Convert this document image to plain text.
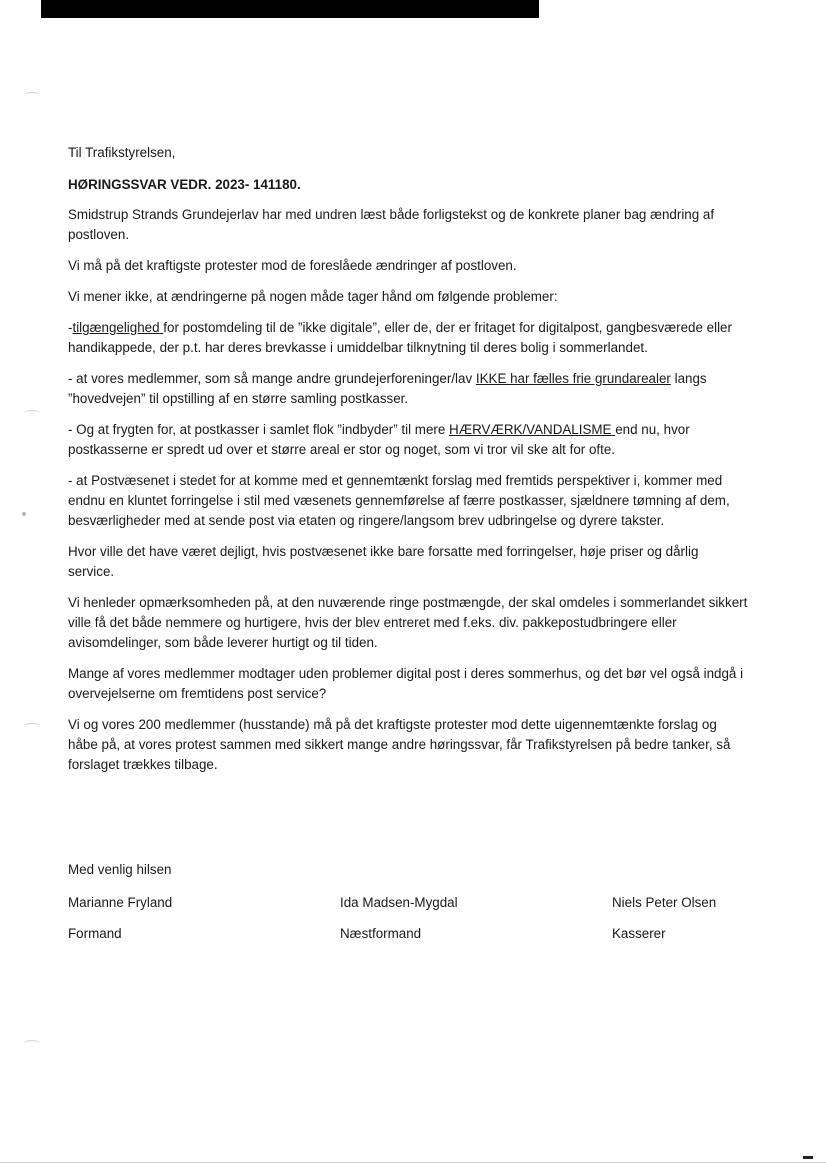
Til Trafikstyrelsen,

HØRINGSSVAR VEDR. 2023- 141180.

Smidstrup Strands Grundejerlav har med undren læst både forligstekst og de konkrete planer bag ændring af postloven.

Vi må på det kraftigste protester mod de foreslåede ændringer af postloven.

Vi mener ikke, at ændringerne på nogen måde tager hånd om følgende problemer:

-tilgængelighed for postomdeling til de ”ikke digitale”, eller de, der er fritaget for digitalpost, gangbesværede eller handikappede, der p.t. har deres brevkasse i umiddelbar tilknytning til deres bolig i sommerlandet.

- at vores medlemmer, som så mange andre grundejerforeninger/lav IKKE har fælles frie grundarealer langs ”hovedvejen” til opstilling af en større samling postkasser.

- Og at frygten for, at postkasser i samlet flok ”indbyder” til mere HÆRVÆRK/VANDALISME end nu, hvor postkasserne er spredt ud over et større areal er stor og noget, som vi tror vil ske alt for ofte.

- at Postvæsenet i stedet for at komme med et gennemtænkt forslag med fremtids perspektiver i, kommer med endnu en kluntet forringelse i stil med væsenets gennemførelse af færre postkasser, sjældnere tømning af dem, besværligheder med at sende post via etaten og ringere/langsom brev udbringelse og dyrere takster.

Hvor ville det have været dejligt, hvis postvæsenet ikke bare forsatte med forringelser, høje priser og dårlig service.

Vi henleder opmærksomheden på, at den nuværende ringe postmængde, der skal omdeles i sommerlandet sikkert ville få det både nemmere og hurtigere, hvis der blev entreret med f.eks. div. pakkepostudbringere eller avisomdelinger, som både leverer hurtigt og til tiden.

Mange af vores medlemmer modtager uden problemer digital post i deres sommerhus, og det bør vel også indgå i overvejelserne om fremtidens post service?

Vi og vores 200 medlemmer (husstande) må på det kraftigste protester mod dette uigennemtænkte forslag og håbe på, at vores protest sammen med sikkert mange andre høringssvar, får Trafikstyrelsen på bedre tanker, så forslaget trækkes tilbage.

Med venlig hilsen
Marianne Fryland
Formand
Ida Madsen-Mygdal
Næstformand
Niels Peter Olsen
Kasserer
